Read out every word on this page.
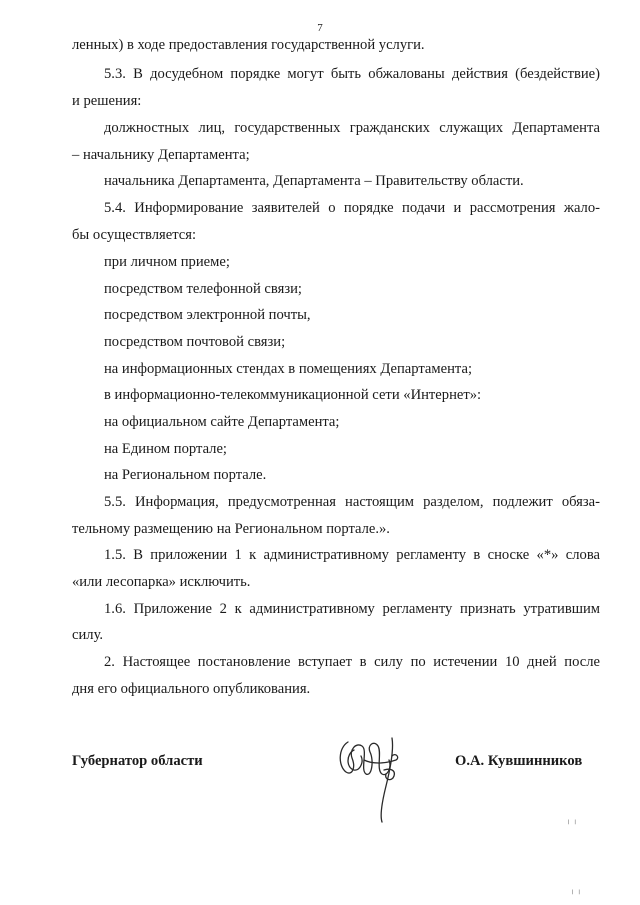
7
ленных) в ходе предоставления государственной услуги.
5.3. В досудебном порядке могут быть обжалованы действия (бездействие)
и решения:
должностных лиц, государственных гражданских служащих Департамента
– начальнику Департамента;
начальника Департамента, Департамента – Правительству области.
5.4. Информирование заявителей о порядке подачи и рассмотрения жало-
бы осуществляется:
при личном приеме;
посредством телефонной связи;
посредством электронной почты,
посредством почтовой связи;
на информационных стендах в помещениях Департамента;
в информационно-телекоммуникационной сети «Интернет»:
на официальном сайте Департамента;
на Едином портале;
на Региональном портале.
5.5. Информация, предусмотренная настоящим разделом, подлежит обяза-
тельному размещению на Региональном портале.».
1.5. В приложении 1 к административному регламенту в сноске «*» слова
«или лесопарка» исключить.
1.6. Приложение 2 к административному регламенту признать утратившим
силу.
2. Настоящее постановление вступает в силу по истечении 10 дней после
дня его официального опубликования.
Губернатор области	О.А. Кувшинников
╵ ╵
╵ ╵
